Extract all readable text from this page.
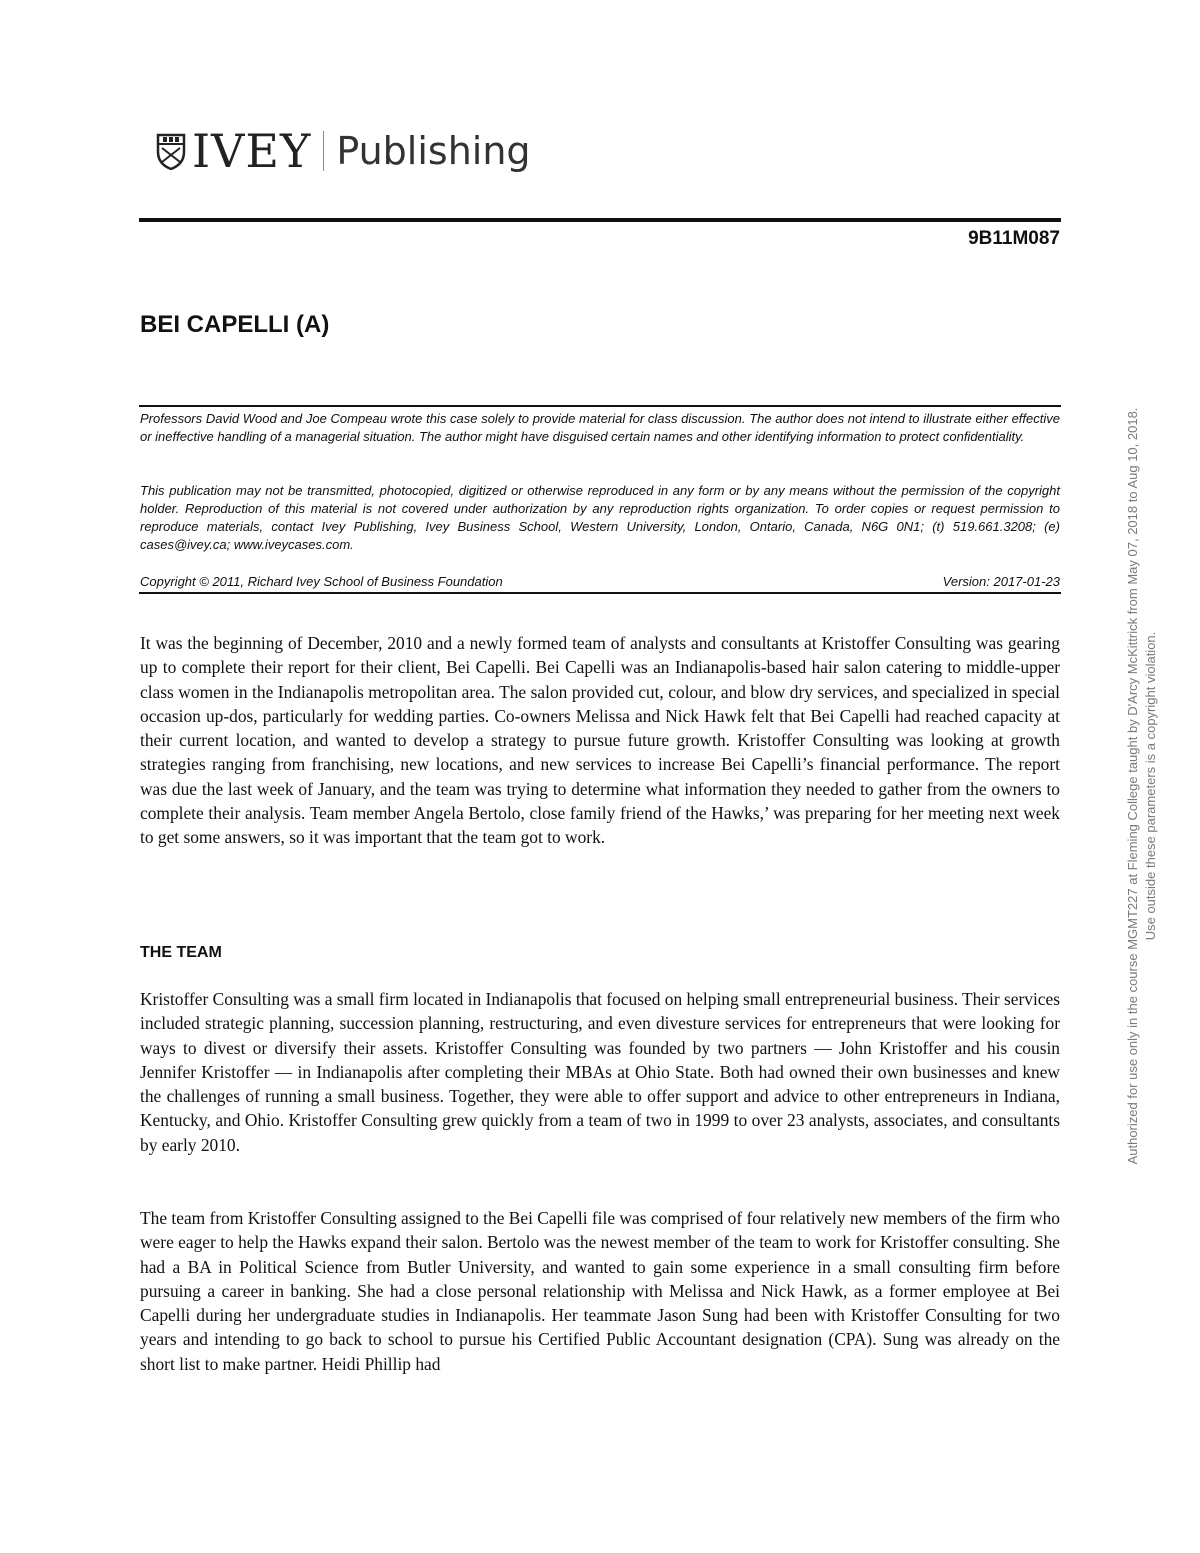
IVEY Publishing
9B11M087
BEI CAPELLI (A)

Professors David Wood and Joe Compeau wrote this case solely to provide material for class discussion. The author does not intend to illustrate either effective or ineffective handling of a managerial situation. The author might have disguised certain names and other identifying information to protect confidentiality.

This publication may not be transmitted, photocopied, digitized or otherwise reproduced in any form or by any means without the permission of the copyright holder. Reproduction of this material is not covered under authorization by any reproduction rights organization. To order copies or request permission to reproduce materials, contact Ivey Publishing, Ivey Business School, Western University, London, Ontario, Canada, N6G 0N1; (t) 519.661.3208; (e) cases@ivey.ca; www.iveycases.com.

Copyright © 2011, Richard Ivey School of Business Foundation	Version: 2017-01-23

It was the beginning of December, 2010 and a newly formed team of analysts and consultants at Kristoffer Consulting was gearing up to complete their report for their client, Bei Capelli. Bei Capelli was an Indianapolis-based hair salon catering to middle-upper class women in the Indianapolis metropolitan area. The salon provided cut, colour, and blow dry services, and specialized in special occasion up-dos, particularly for wedding parties. Co-owners Melissa and Nick Hawk felt that Bei Capelli had reached capacity at their current location, and wanted to develop a strategy to pursue future growth. Kristoffer Consulting was looking at growth strategies ranging from franchising, new locations, and new services to increase Bei Capelli’s financial performance. The report was due the last week of January, and the team was trying to determine what information they needed to gather from the owners to complete their analysis. Team member Angela Bertolo, close family friend of the Hawks,’ was preparing for her meeting next week to get some answers, so it was important that the team got to work.

THE TEAM

Kristoffer Consulting was a small firm located in Indianapolis that focused on helping small entrepreneurial business. Their services included strategic planning, succession planning, restructuring, and even divesture services for entrepreneurs that were looking for ways to divest or diversify their assets. Kristoffer Consulting was founded by two partners — John Kristoffer and his cousin Jennifer Kristoffer — in Indianapolis after completing their MBAs at Ohio State. Both had owned their own businesses and knew the challenges of running a small business. Together, they were able to offer support and advice to other entrepreneurs in Indiana, Kentucky, and Ohio. Kristoffer Consulting grew quickly from a team of two in 1999 to over 23 analysts, associates, and consultants by early 2010.

The team from Kristoffer Consulting assigned to the Bei Capelli file was comprised of four relatively new members of the firm who were eager to help the Hawks expand their salon. Bertolo was the newest member of the team to work for Kristoffer consulting. She had a BA in Political Science from Butler University, and wanted to gain some experience in a small consulting firm before pursuing a career in banking. She had a close personal relationship with Melissa and Nick Hawk, as a former employee at Bei Capelli during her undergraduate studies in Indianapolis. Her teammate Jason Sung had been with Kristoffer Consulting for two years and intending to go back to school to pursue his Certified Public Accountant designation (CPA). Sung was already on the short list to make partner. Heidi Phillip had

Authorized for use only in the course MGMT227 at Fleming College taught by D'Arcy McKittrick from May 07, 2018 to Aug 10, 2018. Use outside these parameters is a copyright violation.
